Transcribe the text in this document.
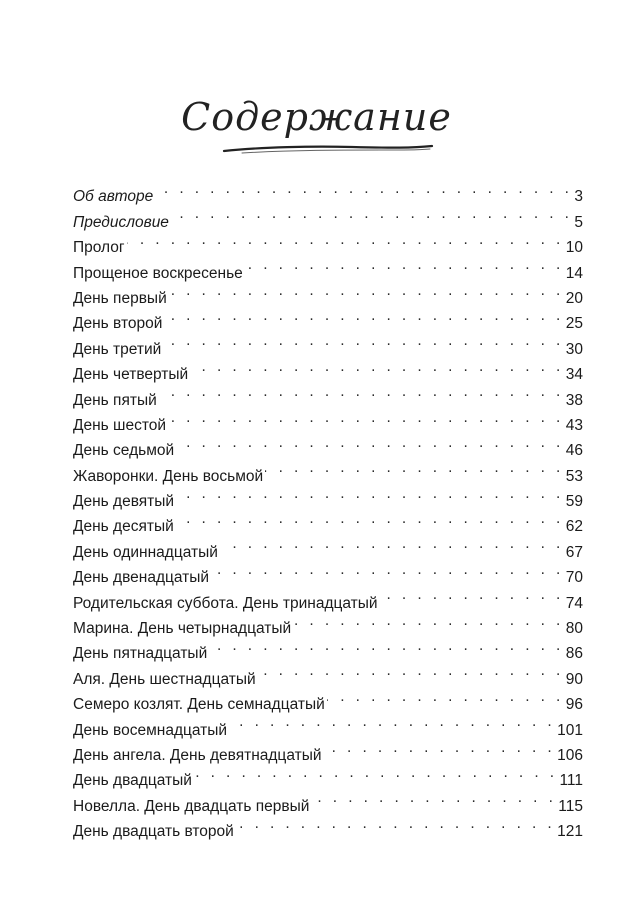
Содержание
Об авторе . . .	3
Предисловие . . .	5
Пролог . . .	10
Прощеное воскресенье . . .	14
День первый . . .	20
День второй . . .	25
День третий . . .	30
День четвертый . . .	34
День пятый . . .	38
День шестой . . .	43
День седьмой . . .	46
Жаворонки. День восьмой . . .	53
День девятый . . .	59
День десятый . . .	62
День одиннадцатый . . .	67
День двенадцатый . . .	70
Родительская суббота. День тринадцатый . . .	74
Марина. День четырнадцатый . . .	80
День пятнадцатый . . .	86
Аля. День шестнадцатый . . .	90
Семеро козлят. День семнадцатый . . .	96
День восемнадцатый . . .	101
День ангела. День девятнадцатый . . .	106
День двадцатый . . .	111
Новелла. День двадцать первый . . .	115
День двадцать второй . . .	121
